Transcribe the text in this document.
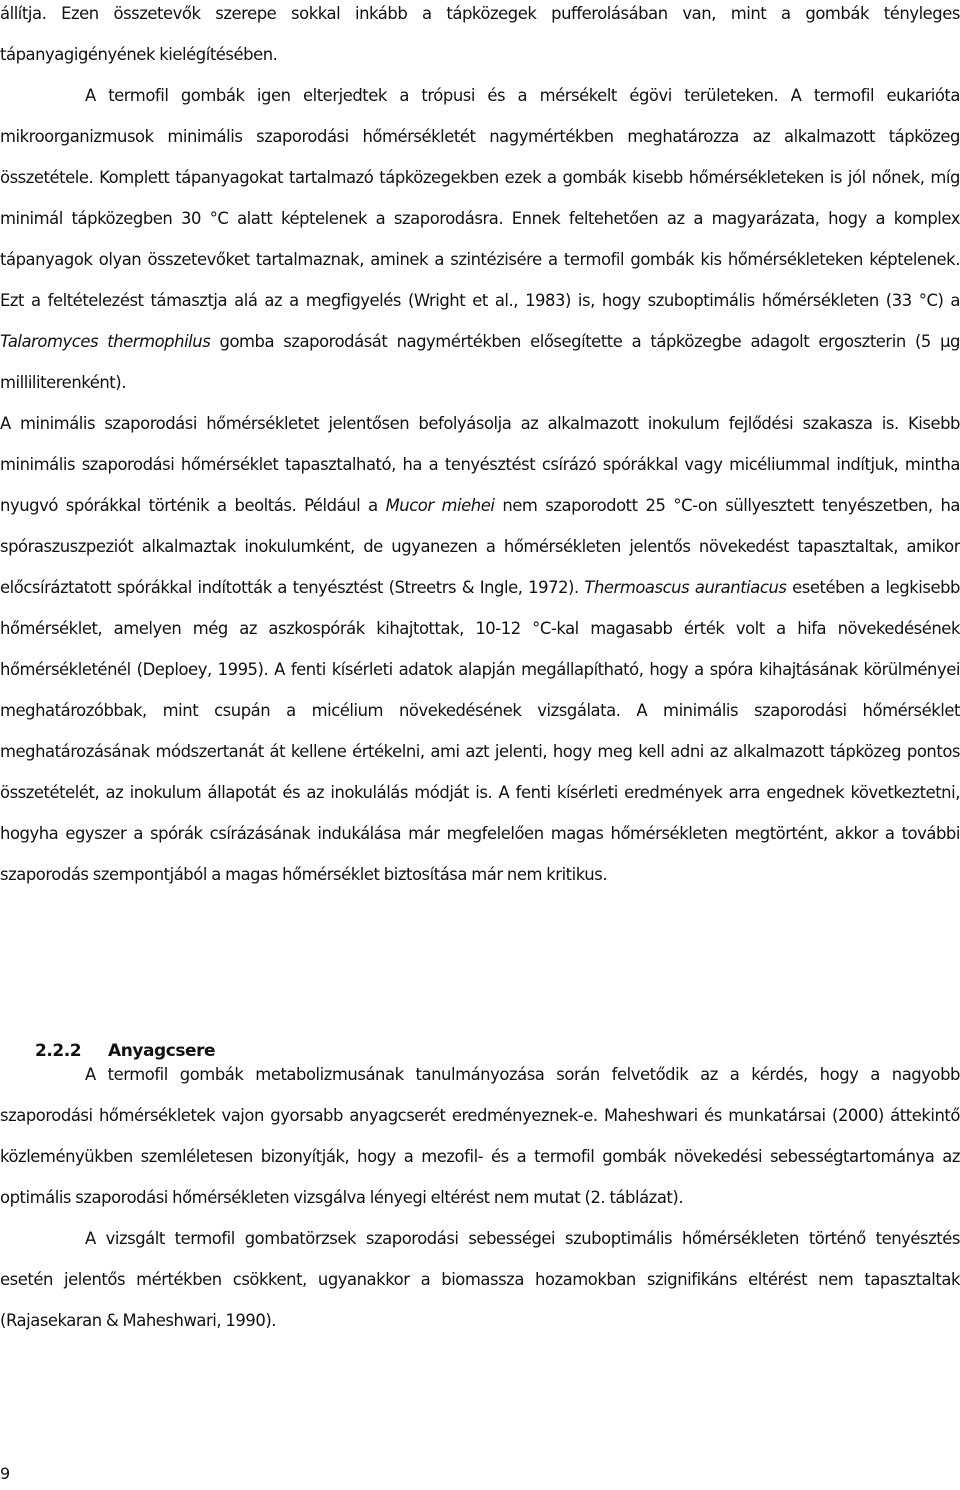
állítja. Ezen összetevők szerepe sokkal inkább a tápközegek pufferolásában van, mint a gombák tényleges tápanyagigényének kielégítésében.

A termofil gombák igen elterjedtek a trópusi és a mérsékelt égövi területeken. A termofil eukarióta mikroorganizmusok minimális szaporodási hőmérsékletét nagymértékben meghatározza az alkalmazott tápközeg összetétele. Komplett tápanyagokat tartalmazó tápközegekben ezek a gombák kisebb hőmérsékleteken is jól nőnek, míg minimál tápközegben 30 °C alatt képtelenek a szaporodásra. Ennek feltehetően az a magyarázata, hogy a komplex tápanyagok olyan összetevőket tartalmaznak, aminek a szintézisére a termofil gombák kis hőmérsékleteken képtelenek. Ezt a feltételezést támasztja alá az a megfigyelés (Wright et al., 1983) is, hogy szuboptimális hőmérsékleten (33 °C) a Talaromyces thermophilus gomba szaporodását nagymértékben elősegítette a tápközegbe adagolt ergoszterin (5 µg milliliterenként).

A minimális szaporodási hőmérsékletet jelentősen befolyásolja az alkalmazott inokulum fejlődési szakasza is. Kisebb minimális szaporodási hőmérséklet tapasztalható, ha a tenyésztést csírázó spórákkal vagy micéliummal indítjuk, mintha nyugvó spórákkal történik a beoltás. Például a Mucor miehei nem szaporodott 25 °C-on süllyesztett tenyészetben, ha spóraszuszpeziót alkalmaztak inokulumként, de ugyanezen a hőmérsékleten jelentős növekedést tapasztaltak, amikor előcsíráztatott spórákkal indították a tenyésztést (Streetrs & Ingle, 1972). Thermoascus aurantiacus esetében a legkisebb hőmérséklet, amelyen még az aszkospórák kihajtottak, 10-12 °C-kal magasabb érték volt a hifa növekedésének hőmérsékleténél (Deploey, 1995). A fenti kísérleti adatok alapján megállapítható, hogy a spóra kihajtásának körülményei meghatározóbbak, mint csupán a micélium növekedésének vizsgálata. A minimális szaporodási hőmérséklet meghatározásának módszertanát át kellene értékelni, ami azt jelenti, hogy meg kell adni az alkalmazott tápközeg pontos összetételét, az inokulum állapotát és az inokulálás módját is. A fenti kísérleti eredmények arra engednek következtetni, hogyha egyszer a spórák csírázásának indukálása már megfelelően magas hőmérsékleten megtörtént, akkor a további szaporodás szempontjából a magas hőmérséklet biztosítása már nem kritikus.

2.2.2 Anyagcsere

A termofil gombák metabolizmusának tanulmányozása során felvetődik az a kérdés, hogy a nagyobb szaporodási hőmérsékletek vajon gyorsabb anyagcserét eredményeznek-e. Maheshwari és munkatársai (2000) áttekintő közleményükben szemléletesen bizonyítják, hogy a mezofil- és a termofil gombák növekedési sebességtartománya az optimális szaporodási hőmérsékleten vizsgálva lényegi eltérést nem mutat (2. táblázat).

A vizsgált termofil gombatörzsek szaporodási sebességei szuboptimális hőmérsékleten történő tenyésztés esetén jelentős mértékben csökkent, ugyanakkor a biomassza hozamokban szignifikáns eltérést nem tapasztaltak (Rajasekaran & Maheshwari, 1990).

9
